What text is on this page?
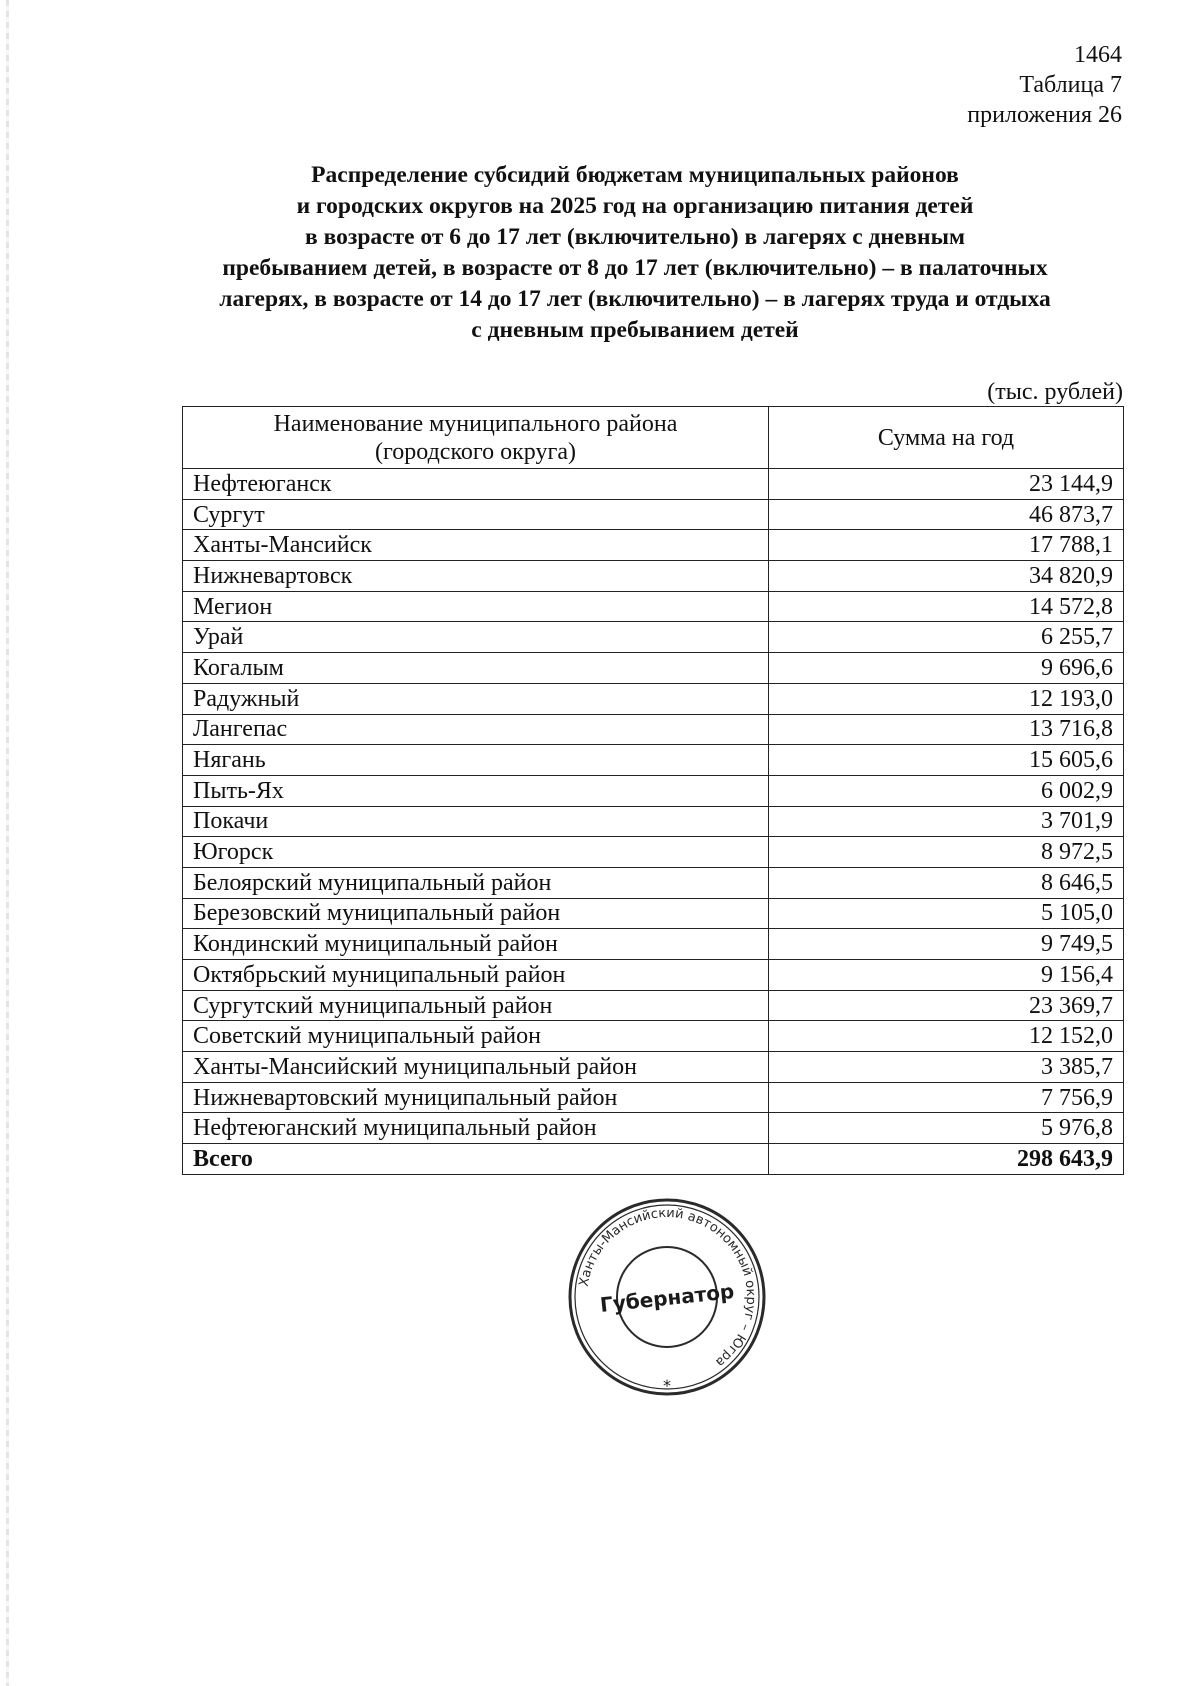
1464
Таблица 7
приложения 26
Распределение субсидий бюджетам муниципальных районов
и городских округов на 2025 год на организацию питания детей
в возрасте от 6 до 17 лет (включительно) в лагерях с дневным
пребыванием детей, в возрасте от 8 до 17 лет (включительно) – в палаточных
лагерях, в возрасте от 14 до 17 лет (включительно) – в лагерях труда и отдыха
с дневным пребыванием детей
(тыс. рублей)
Наименование муниципального района
(городского округа)	Сумма на год
Нефтеюганск	23 144,9
Сургут	46 873,7
Ханты-Мансийск	17 788,1
Нижневартовск	34 820,9
Мегион	14 572,8
Урай	6 255,7
Когалым	9 696,6
Радужный	12 193,0
Лангепас	13 716,8
Нягань	15 605,6
Пыть-Ях	6 002,9
Покачи	3 701,9
Югорск	8 972,5
Белоярский муниципальный район	8 646,5
Березовский муниципальный район	5 105,0
Кондинский муниципальный район	9 749,5
Октябрьский муниципальный район	9 156,4
Сургутский муниципальный район	23 369,7
Советский муниципальный район	12 152,0
Ханты-Мансийский муниципальный район	3 385,7
Нижневартовский муниципальный район	7 756,9
Нефтеюганский муниципальный район	5 976,8
Всего	298 643,9
Ханты-Мансийский автономный округ – Югра
Губернатор
*
